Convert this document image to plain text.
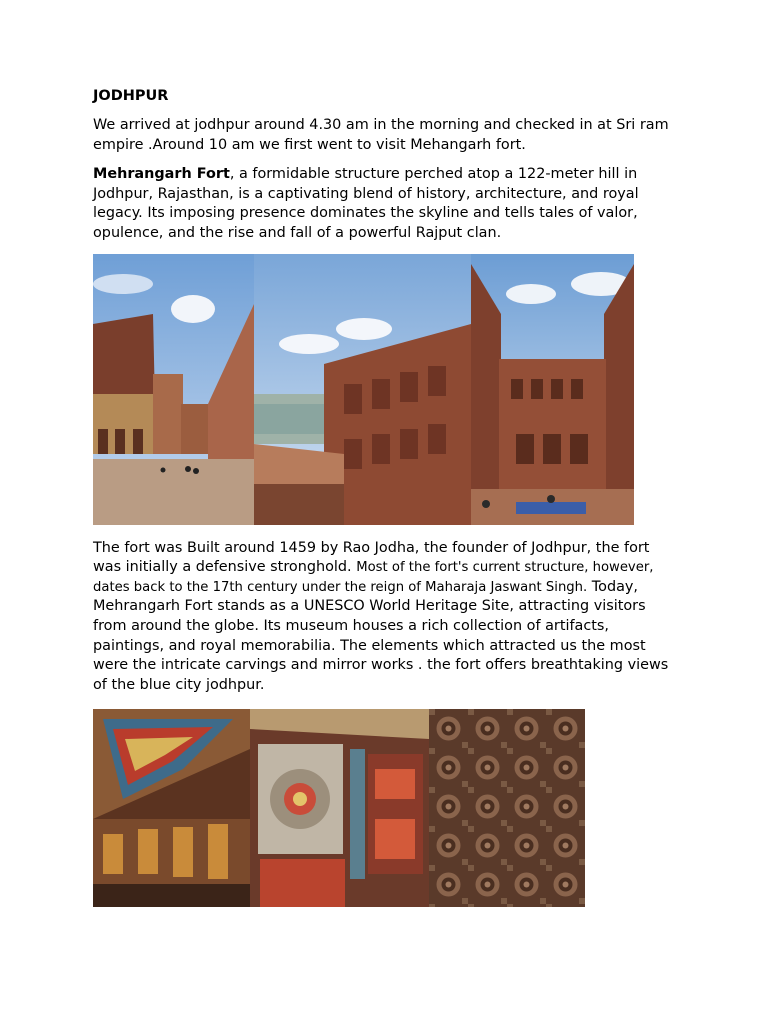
JODHPUR

We arrived at jodhpur around 4.30 am in the morning and checked in at Sri ram empire .Around 10 am we first went to visit Mehangarh fort.

Mehrangarh Fort, a formidable structure perched atop a 122-meter hill in Jodhpur, Rajasthan, is a captivating blend of history, architecture, and royal legacy. Its imposing presence dominates the skyline and tells tales of valor, opulence, and the rise and fall of a powerful Rajput clan.

The fort was Built around 1459 by Rao Jodha, the founder of Jodhpur, the fort was initially a defensive stronghold. Most of the fort's current structure, however, dates back to the 17th century under the reign of Maharaja Jaswant Singh. Today, Mehrangarh Fort stands as a UNESCO World Heritage Site, attracting visitors from around the globe. Its museum houses a rich collection of artifacts, paintings, and royal memorabilia. The elements which attracted us the most were the intricate carvings and mirror works . the fort offers breathtaking views of the blue city jodhpur.
